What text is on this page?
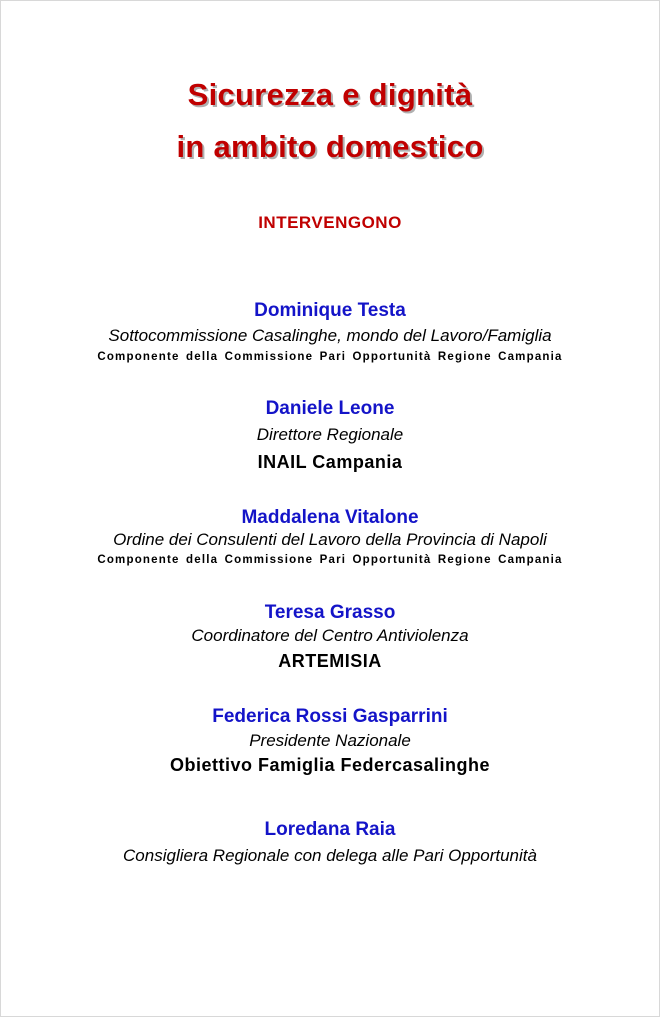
Sicurezza e dignità
in ambito domestico
INTERVENGONO
Dominique Testa
Sottocommissione Casalinghe, mondo del Lavoro/Famiglia
Componente della Commissione Pari Opportunità Regione Campania
Daniele Leone
Direttore Regionale
INAIL Campania
Maddalena Vitalone
Ordine dei Consulenti del Lavoro della Provincia di Napoli
Componente della Commissione Pari Opportunità Regione Campania
Teresa Grasso
Coordinatore del Centro Antiviolenza
ARTEMISIA
Federica Rossi Gasparrini
Presidente Nazionale
Obiettivo Famiglia Federcasalinghe
Loredana Raia
Consigliera Regionale con delega alle Pari Opportunità
